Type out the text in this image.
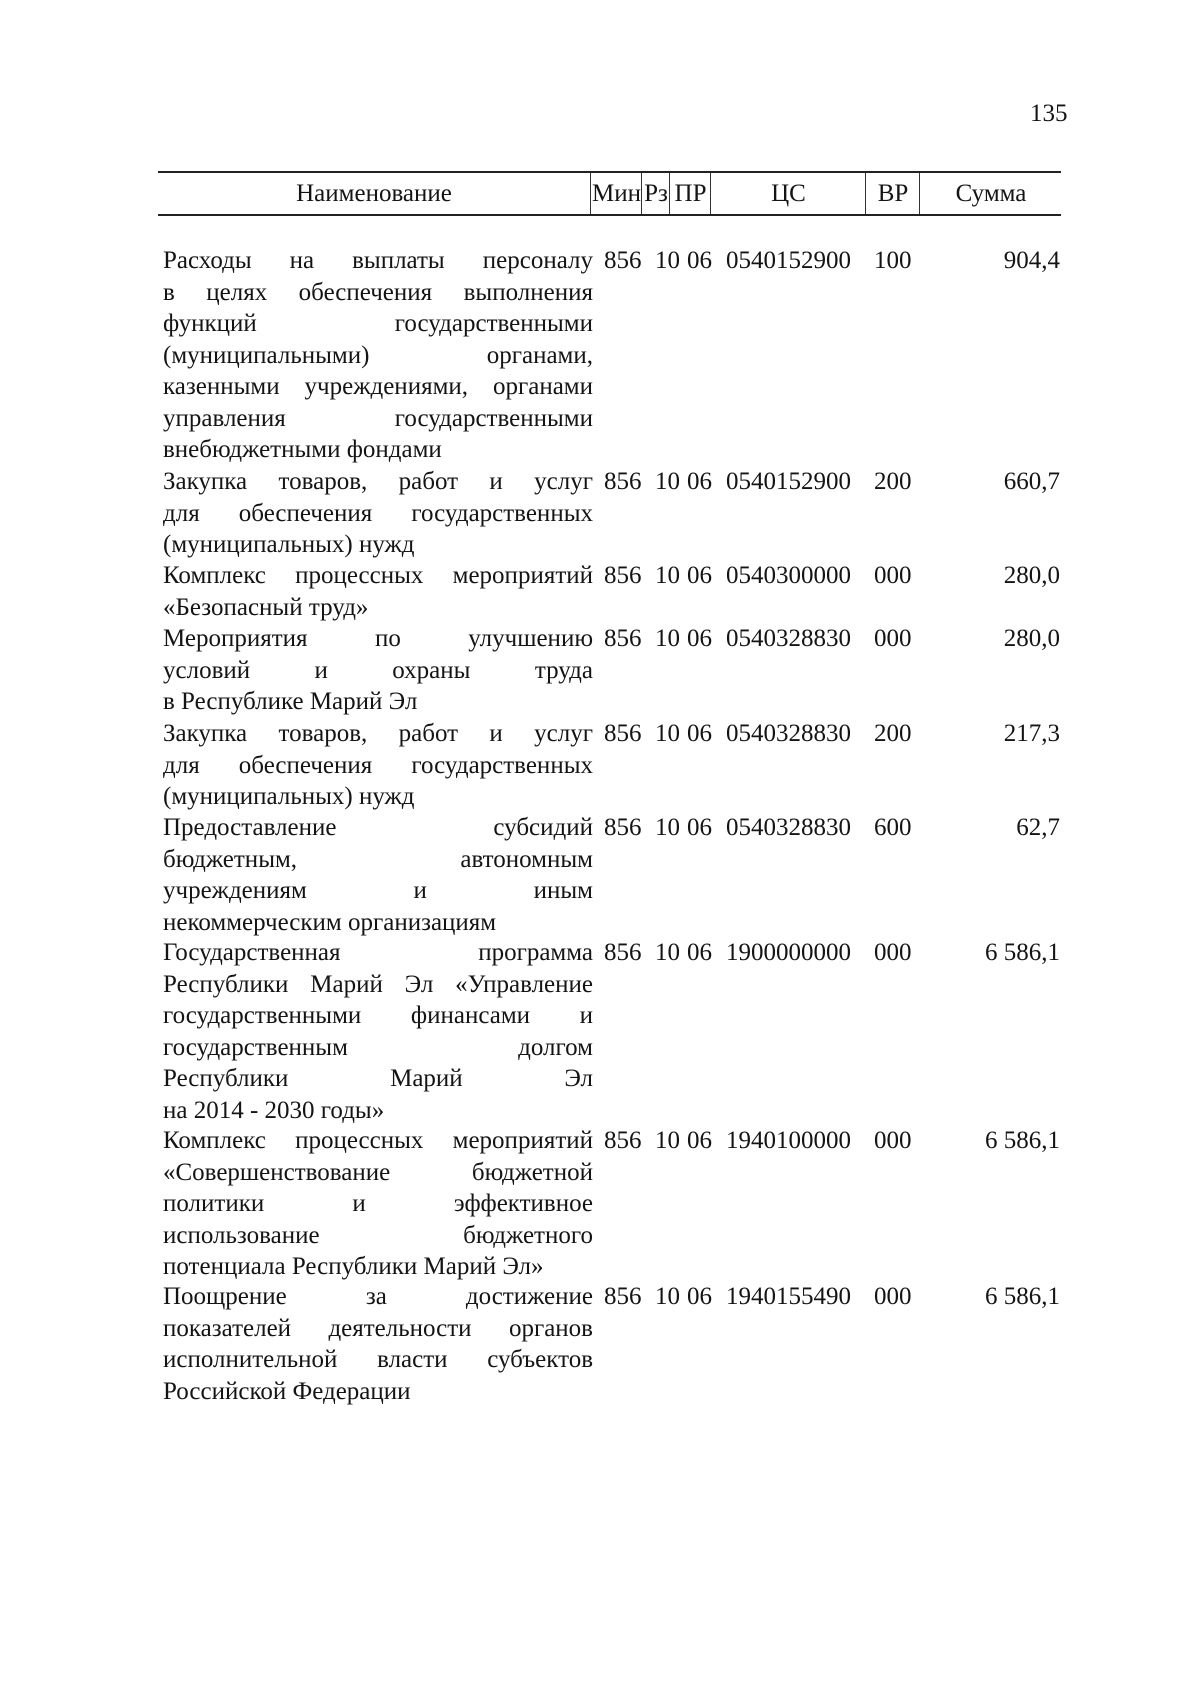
135
Наименование	Мин Рз ПР	ЦС	ВР	Сумма
Расходы на выплаты персоналу
в целях обеспечения выполнения
функций государственными
(муниципальными) органами,
казенными учреждениями, органами
управления государственными
внебюджетными фондами
856 10 06 0540152900 100	904,4
Закупка товаров, работ и услуг
для обеспечения государственных
(муниципальных) нужд
856 10 06 0540152900 200	660,7
Комплекс процессных мероприятий
«Безопасный труд»
856 10 06 0540300000 000	280,0
Мероприятия по улучшению
условий и охраны труда
в Республике Марий Эл
856 10 06 0540328830 000	280,0
Закупка товаров, работ и услуг
для обеспечения государственных
(муниципальных) нужд
856 10 06 0540328830 200	217,3
Предоставление субсидий
бюджетным, автономным
учреждениям и иным
некоммерческим организациям
856 10 06 0540328830 600	62,7
Государственная программа
Республики Марий Эл «Управление
государственными финансами и
государственным долгом
Республики Марий Эл
на 2014 - 2030 годы»
856 10 06 1900000000 000	6 586,1
Комплекс процессных мероприятий
«Совершенствование бюджетной
политики и эффективное
использование бюджетного
потенциала Республики Марий Эл»
856 10 06 1940100000 000	6 586,1
Поощрение за достижение
показателей деятельности органов
исполнительной власти субъектов
Российской Федерации
856 10 06 1940155490 000	6 586,1
